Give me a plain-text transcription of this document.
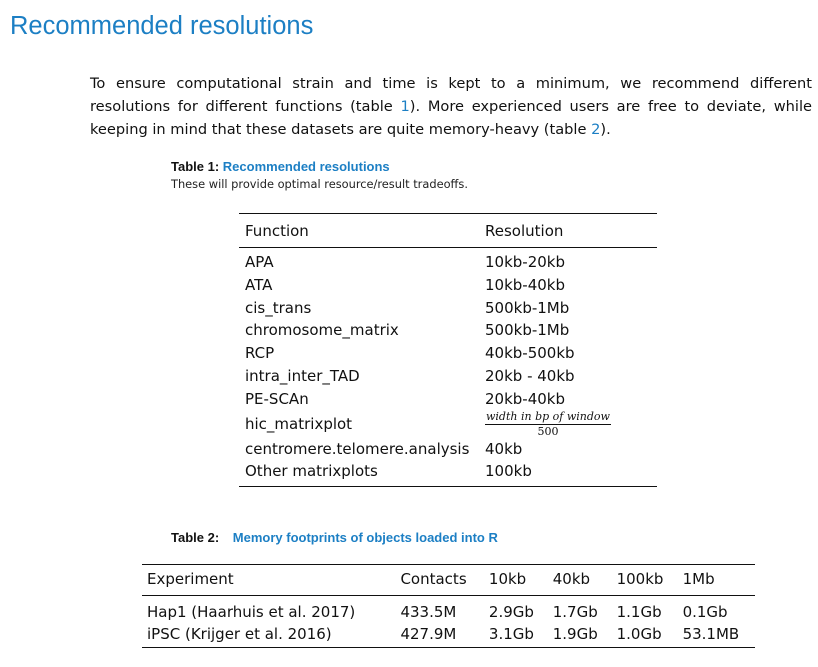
Recommended resolutions

To ensure computational strain and time is kept to a minimum, we recommend different resolutions for different functions (table 1). More experienced users are free to deviate, while keeping in mind that these datasets are quite memory-heavy (table 2).

Table 1: Recommended resolutions
These will provide optimal resource/result tradeoffs.
Function	Resolution
APA	10kb-20kb
ATA	10kb-40kb
cis_trans	500kb-1Mb
chromosome_matrix	500kb-1Mb
RCP	40kb-500kb
intra_inter_TAD	20kb - 40kb
PE-SCAn	20kb-40kb
hic_matrixplot	$\frac{\text{width in bp of window}}{500}$

centromere.telomere.analysis	40kb
Other matrixplots	100kb
Table 2: Memory footprints of objects loaded into R
Experiment	Contacts	10kb	40kb	100kb	1Mb
Hap1 (Haarhuis et al. 2017)	433.5M	2.9Gb	1.7Gb	1.1Gb	0.1Gb
iPSC (Krijger et al. 2016)	427.9M	3.1Gb	1.9Gb	1.0Gb	53.1MB
